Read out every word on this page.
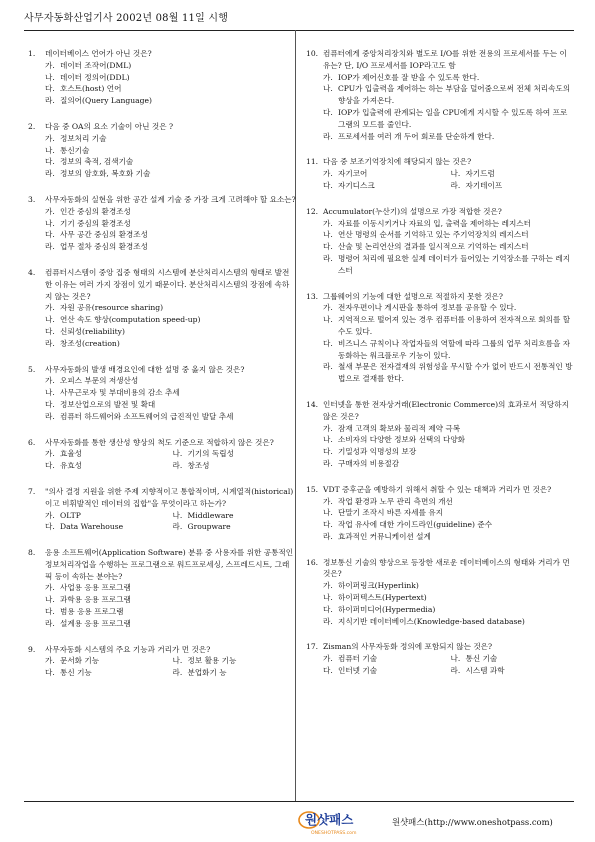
사무자동화산업기사 2002년 08월 11일 시행
1.	데이터베이스 언어가 아닌 것은?
가. 데이터 조작어(DML)
나. 데이터 정의어(DDL)
다. 호스트(host) 언어
라. 질의어(Query Language)
2.	다음 중 OA의 요소 기술이 아닌 것은 ?
가. 정보처리 기술
나. 통신기술
다. 정보의 축적, 검색기술
라. 정보의 암호화, 복호화 기술
3.	사무자동화의 실현을 위한 공간 설계 기술 중 가장 크게 고려해야 할 요소는?
가. 인간 중심의 환경조성
나. 기기 중심의 환경조성
다. 사무 공간 중심의 환경조성
라. 업무 절차 중심의 환경조성
4.	컴퓨터시스템이 중앙 집중 형태의 시스템에 분산처리시스템의 형태로 발전한 이유는 여러 가지 장점이 있기 때문이다. 분산처리시스템의 장점에 속하지 않는 것은?
가. 자원 공유(resource sharing)
나. 연산 속도 향상(computation speed-up)
다. 신뢰성(reliability)
라. 창조성(creation)
5.	사무자동화의 발생 배경요인에 대한 설명 중 옳지 않은 것은?
가. 오피스 부문의 저생산성
나. 사무근로자 및 부대비용의 감소 추세
다. 정보산업으로의 발전 및 확대
라. 컴퓨터 하드웨어와 소프트웨어의 급진적인 발달 추세
6.	사무자동화를 통한 생산성 향상의 척도 기준으로 적합하지 않은 것은?
가. 효율성	나. 기기의 독립성
다. 유효성	라. 창조성
7.	"의사 결정 지원을 위한 주제 지향적이고 통합적이며, 시계열적(historical)이고 비휘발적인 데이터의 집합"을 무엇이라고 하는가?
가. OLTP	나. Middleware
다. Data Warehouse	라. Groupware
8.	응용 소프트웨어(Application Software) 분류 중 사용자를 위한 공통적인 정보처리작업을 수행하는 프로그램으로 워드프로세싱, 스프레드시트, 그래픽 등이 속하는 분야는?
가. 사업용 응용 프로그램
나. 과학용 응용 프로그램
다. 범용 응용 프로그램
라. 설계용 응용 프로그램
9.	사무자동화 시스템의 주요 기능과 거리가 먼 것은?
가. 문서화 기능	나. 정보 활용 기능
다. 통신 기능	라. 분업화기 능
10. 컴퓨터에게 중앙처리장치와 별도로 I/O를 위한 전용의 프로세서를 두는 이유는? 단, I/O 프로세서를 IOP라고도 함
가. IOP가 제어신호를 잘 받을 수 있도록 한다.
나. CPU가 입출력을 제어하는 하는 부담을 덜어줌으로써 전체 처리속도의 향상을 가져온다.
다. IOP가 입출력에 관계되는 일을 CPU에게 지시할 수 있도록 하여 프로그램의 모드를 줄인다.
라. 프로세서를 여러 개 두어 회로를 단순하게 한다.
11. 다음 중 보조기억장치에 해당되지 않는 것은?
가. 자기코어	나. 자기드럼
다. 자기디스크	라. 자기테이프
12. Accumulator(누산기)의 설명으로 가장 적합한 것은?
가. 자료를 이동시키거나 자료의 입, 출력을 제어하는 레지스터
나. 연산 명령의 순서를 기억하고 있는 주기억장치의 레지스터
다. 산술 및 논리연산의 결과를 일시적으로 기억하는 레지스터
라. 명령어 처리에 필요한 실제 데이터가 들어있는 기억장소를 구하는 레지스터
13. 그룹웨어의 기능에 대한 설명으로 적절하지 못한 것은?
가. 전자우편이나 게시판을 통하여 정보를 공유할 수 있다.
나. 지역적으로 떨어져 있는 경우 컴퓨터를 이용하여 전자적으로 회의를 할 수도 있다.
다. 비즈니스 규칙이나 작업자들의 역할에 따라 그룹의 업무 처리흐름을 자동화하는 워크플로우 기능이 있다.
라. 철새 부문은 전자결재의 위험성을 무시할 수가 없어 반드시 전통적인 방법으로 결재를 한다.
14. 인터넷을 통한 전자상거래(Electronic Commerce)의 효과로서 적당하지 않은 것은?
가. 잠재 고객의 확보와 물리적 제약 극복
나. 소비자의 다양한 정보와 선택의 다양화
다. 기밀성과 익명성의 보장
라. 구매자의 비용절감
15. VDT 증후군을 예방하기 위해서 취할 수 있는 대책과 거리가 먼 것은?
가. 작업 환경과 노무 관리 측면의 개선
나. 단말기 조작시 바른 자세를 유지
다. 작업 유사에 대한 가이드라인(guideline) 준수
라. 효과적인 커뮤니케이션 설계
16. 정보통신 기술의 향상으로 등장한 새로운 데이터베이스의 형태와 거리가 먼 것은?
가. 하이퍼링크(Hyperlink)
나. 하이퍼텍스트(Hypertext)
다. 하이퍼미디어(Hypermedia)
라. 지식기반 데이터베이스(Knowledge-based database)
17. Zisman의 사무자동화 정의에 포함되지 않는 것은?
가. 컴퓨터 기술	나. 통신 기술
다. 인터넷 기술	라. 시스템 과학
원샷패스
ONESHOTPASS.com
원샷패스(http://www.oneshotpass.com)
